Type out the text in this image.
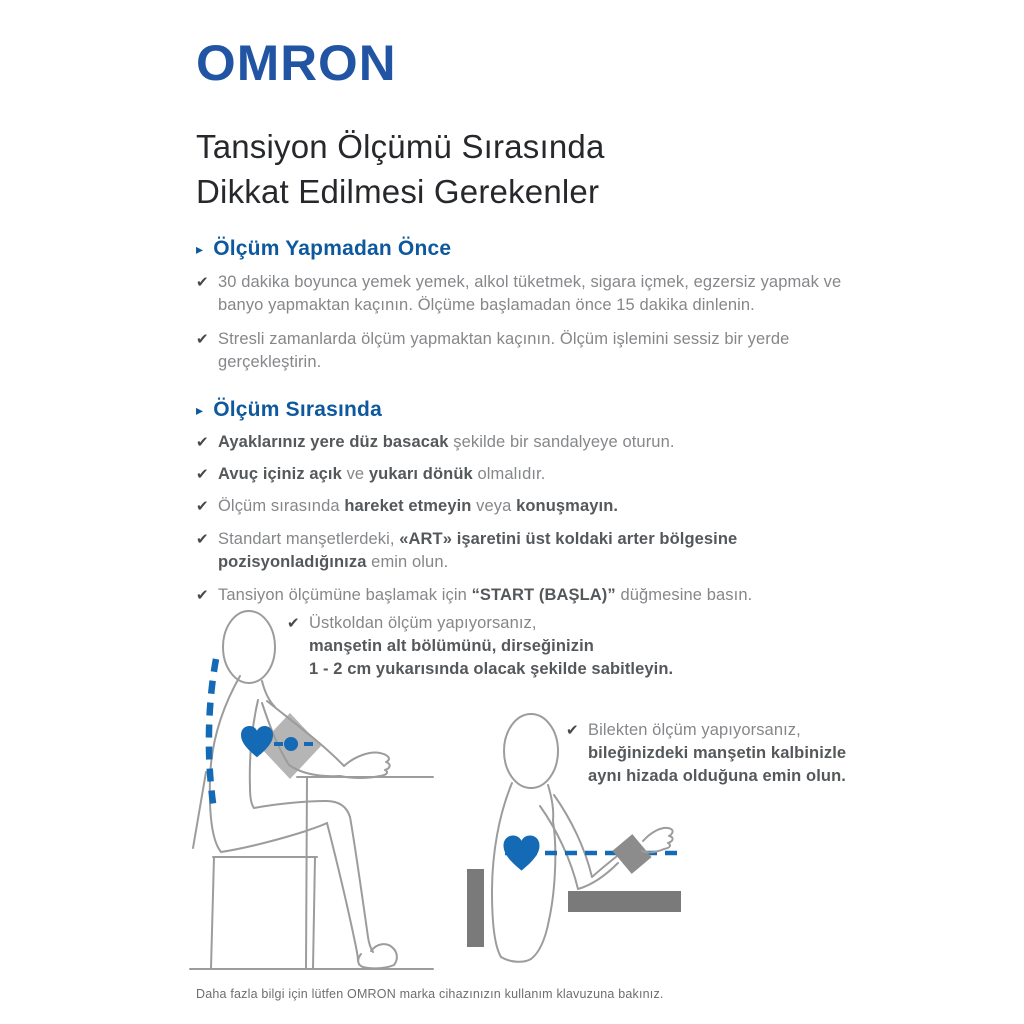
OMRON
Tansiyon Ölçümü Sırasında
Dikkat Edilmesi Gerekenler
▸ Ölçüm Yapmadan Önce
✔ 30 dakika boyunca yemek yemek, alkol tüketmek, sigara içmek, egzersiz yapmak ve banyo yapmaktan kaçının. Ölçüme başlamadan önce 15 dakika dinlenin.

✔ Stresli zamanlarda ölçüm yapmaktan kaçının. Ölçüm işlemini sessiz bir yerde gerçekleştirin.

▸ Ölçüm Sırasında
✔ Ayaklarınız yere düz basacak şekilde bir sandalyeye oturun.

✔ Avuç içiniz açık ve yukarı dönük olmalıdır.

✔ Ölçüm sırasında hareket etmeyin veya konuşmayın.

✔ Standart manşetlerdeki, «ART» işaretini üst koldaki arter bölgesine pozisyonladığınıza emin olun.

✔ Tansiyon ölçümüne başlamak için “START (BAŞLA)” düğmesine basın.

✔ Üstkoldan ölçüm yapıyorsanız,
manşetin alt bölümünü, dirseğinizin
1 - 2 cm yukarısında olacak şekilde sabitleyin.
✔ Bilekten ölçüm yapıyorsanız,
bileğinizdeki manşetin kalbinizle
aynı hizada olduğuna emin olun.
Daha fazla bilgi için lütfen OMRON marka cihazınızın kullanım klavuzuna bakınız.
